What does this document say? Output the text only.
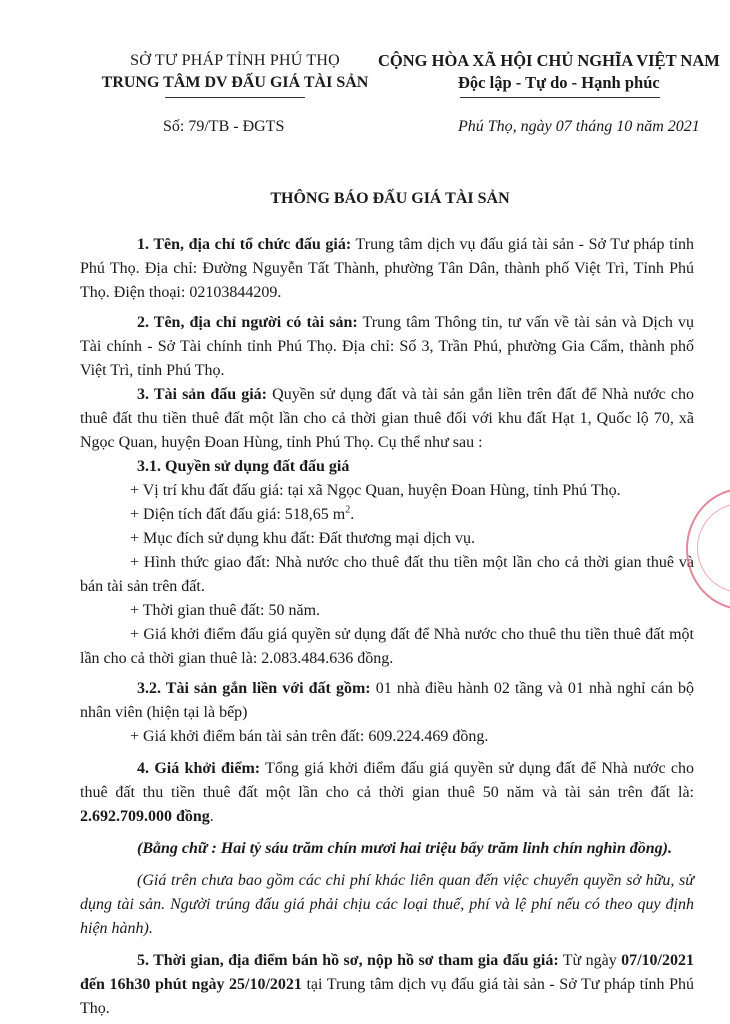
SỞ TƯ PHÁP TỈNH PHÚ THỌ
TRUNG TÂM DV ĐẤU GIÁ TÀI SẢN
CỘNG HÒA XÃ HỘI CHỦ NGHĨA VIỆT NAM
Độc lập - Tự do - Hạnh phúc
Số: 79/TB - ĐGTS	Phú Thọ, ngày 07 tháng 10 năm 2021
THÔNG BÁO ĐẤU GIÁ TÀI SẢN

1. Tên, địa chỉ tổ chức đấu giá: Trung tâm dịch vụ đấu giá tài sản - Sở Tư pháp tỉnh Phú Thọ. Địa chỉ: Đường Nguyễn Tất Thành, phường Tân Dân, thành phố Việt Trì, Tỉnh Phú Thọ. Điện thoại: 02103844209.

2. Tên, địa chỉ người có tài sản: Trung tâm Thông tin, tư vấn về tài sản và Dịch vụ Tài chính - Sở Tài chính tỉnh Phú Thọ. Địa chỉ: Số 3, Trần Phú, phường Gia Cẩm, thành phố Việt Trì, tỉnh Phú Thọ.

3. Tài sản đấu giá: Quyền sử dụng đất và tài sản gắn liền trên đất để Nhà nước cho thuê đất thu tiền thuê đất một lần cho cả thời gian thuê đối với khu đất Hạt 1, Quốc lộ 70, xã Ngọc Quan, huyện Đoan Hùng, tỉnh Phú Thọ. Cụ thể như sau :

3.1. Quyền sử dụng đất đấu giá

+ Vị trí khu đất đấu giá: tại xã Ngọc Quan, huyện Đoan Hùng, tỉnh Phú Thọ.

+ Diện tích đất đấu giá: 518,65 $m^2$.

+ Mục đích sử dụng khu đất: Đất thương mại dịch vụ.

+ Hình thức giao đất: Nhà nước cho thuê đất thu tiền một lần cho cả thời gian thuê và bán tài sản trên đất.

+ Thời gian thuê đất: 50 năm.

+ Giá khởi điểm đấu giá quyền sử dụng đất để Nhà nước cho thuê thu tiền thuê đất một lần cho cả thời gian thuê là: 2.083.484.636 đồng.

3.2. Tài sản gắn liền với đất gồm: 01 nhà điều hành 02 tầng và 01 nhà nghỉ cán bộ nhân viên (hiện tại là bếp)

+ Giá khởi điểm bán tài sản trên đất: 609.224.469 đồng.

4. Giá khởi điểm: Tổng giá khởi điểm đấu giá quyền sử dụng đất để Nhà nước cho thuê đất thu tiền thuê đất một lần cho cả thời gian thuê 50 năm và tài sản trên đất là: 2.692.709.000 đồng.

(Bằng chữ : Hai tỷ sáu trăm chín mươi hai triệu bẩy trăm linh chín nghìn đồng).

(Giá trên chưa bao gồm các chi phí khác liên quan đến việc chuyển quyền sở hữu, sử dụng tài sản. Người trúng đấu giá phải chịu các loại thuế, phí và lệ phí nếu có theo quy định hiện hành).

5. Thời gian, địa điểm bán hồ sơ, nộp hồ sơ tham gia đấu giá: Từ ngày 07/10/2021 đến 16h30 phút ngày 25/10/2021 tại Trung tâm dịch vụ đấu giá tài sản - Sở Tư pháp tỉnh Phú Thọ.
